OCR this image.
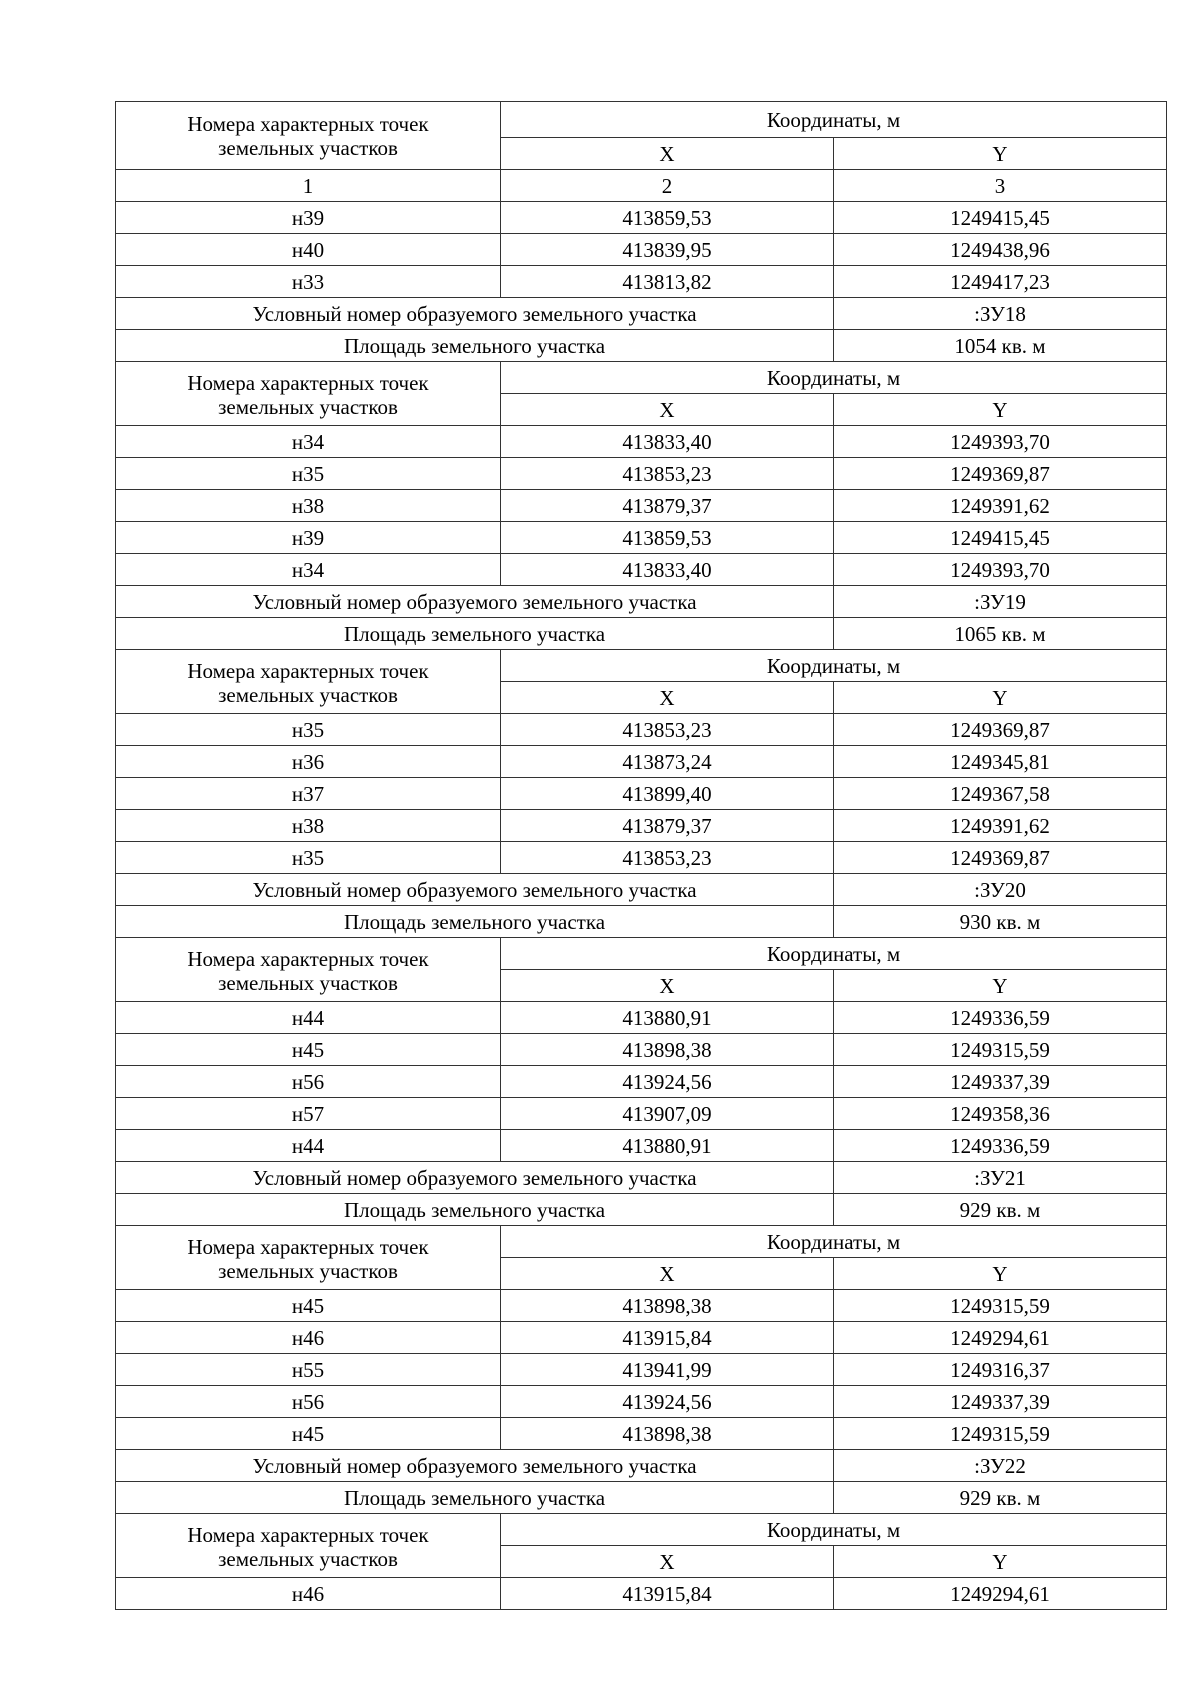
Номера характерных точек
земельных участков	Координаты, м	
	X	Y
1	2	3
н39	413859,53	1249415,45
н40	413839,95	1249438,96
н33	413813,82	1249417,23
Условный номер образуемого земельного участка		:ЗУ18
Площадь земельного участка		1054 кв. м
Номера характерных точек
земельных участков	Координаты, м	
	X	Y
н34	413833,40	1249393,70
н35	413853,23	1249369,87
н38	413879,37	1249391,62
н39	413859,53	1249415,45
н34	413833,40	1249393,70
Условный номер образуемого земельного участка		:ЗУ19
Площадь земельного участка		1065 кв. м
Номера характерных точек
земельных участков	Координаты, м	
	X	Y
н35	413853,23	1249369,87
н36	413873,24	1249345,81
н37	413899,40	1249367,58
н38	413879,37	1249391,62
н35	413853,23	1249369,87
Условный номер образуемого земельного участка		:ЗУ20
Площадь земельного участка		930 кв. м
Номера характерных точек
земельных участков	Координаты, м	
	X	Y
н44	413880,91	1249336,59
н45	413898,38	1249315,59
н56	413924,56	1249337,39
н57	413907,09	1249358,36
н44	413880,91	1249336,59
Условный номер образуемого земельного участка		:ЗУ21
Площадь земельного участка		929 кв. м
Номера характерных точек
земельных участков	Координаты, м	
	X	Y
н45	413898,38	1249315,59
н46	413915,84	1249294,61
н55	413941,99	1249316,37
н56	413924,56	1249337,39
н45	413898,38	1249315,59
Условный номер образуемого земельного участка		:ЗУ22
Площадь земельного участка		929 кв. м
Номера характерных точек
земельных участков	Координаты, м	
	X	Y
н46	413915,84	1249294,61
